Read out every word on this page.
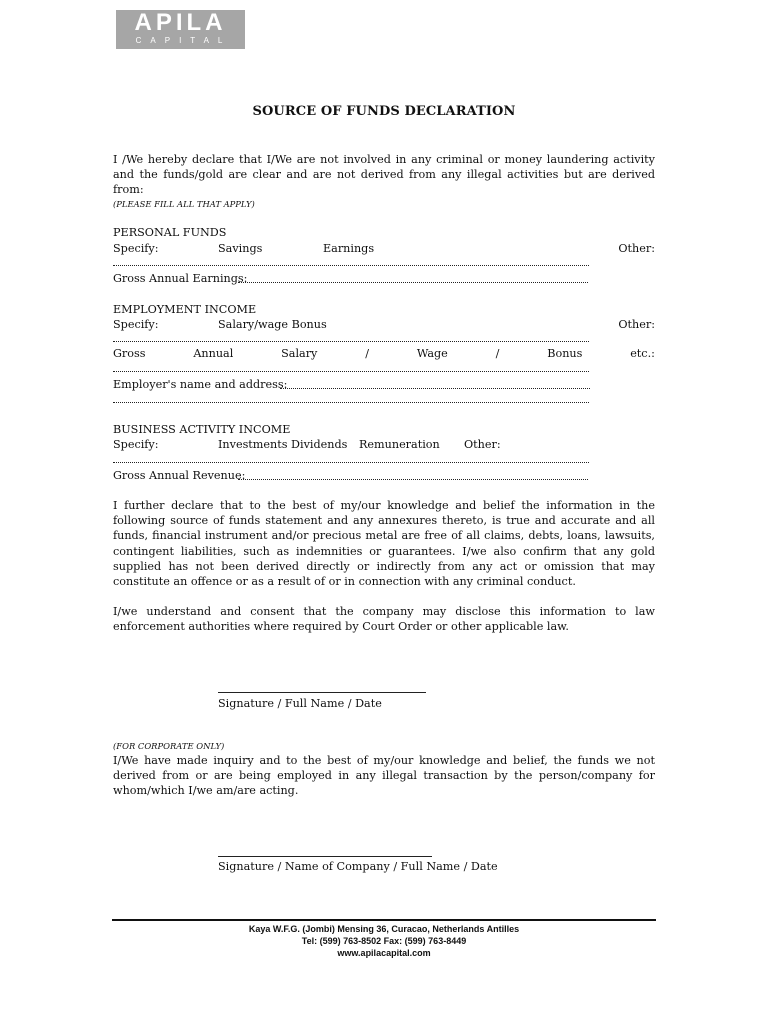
APILA
CAPITAL
SOURCE OF FUNDS DECLARATION
I /We hereby declare that I/We are not involved in any criminal or money laundering activity and the funds/gold are clear and are not derived from any illegal activities but are derived from:
(PLEASE FILL ALL THAT APPLY)
PERSONAL FUNDS
Specify:	Savings	Earnings	Other:
Gross Annual Earnings:
EMPLOYMENT INCOME
Specify:	Salary/wage Bonus	Other:
Gross	Annual	Salary	/	Wage	/	Bonus	etc.:
Employer's name and address:
BUSINESS ACTIVITY INCOME
Specify:	Investments Dividends Remuneration Other:
Gross Annual Revenue:
I further declare that to the best of my/our knowledge and belief the information in the following source of funds statement and any annexures thereto, is true and accurate and all funds, financial instrument and/or precious metal are free of all claims, debts, loans, lawsuits, contingent liabilities, such as indemnities or guarantees. I/we also confirm that any gold supplied has not been derived directly or indirectly from any act or omission that may constitute an offence or as a result of or in connection with any criminal conduct.
I/we understand and consent that the company may disclose this information to law enforcement authorities where required by Court Order or other applicable law.
Signature / Full Name / Date
(FOR CORPORATE ONLY)
I/We have made inquiry and to the best of my/our knowledge and belief, the funds we not derived from or are being employed in any illegal transaction by the person/company for whom/which I/we am/are acting.
Signature / Name of Company / Full Name / Date
Kaya W.F.G. (Jombi) Mensing 36, Curacao, Netherlands Antilles
Tel: (599) 763-8502 Fax: (599) 763-8449
www.apilacapital.com
